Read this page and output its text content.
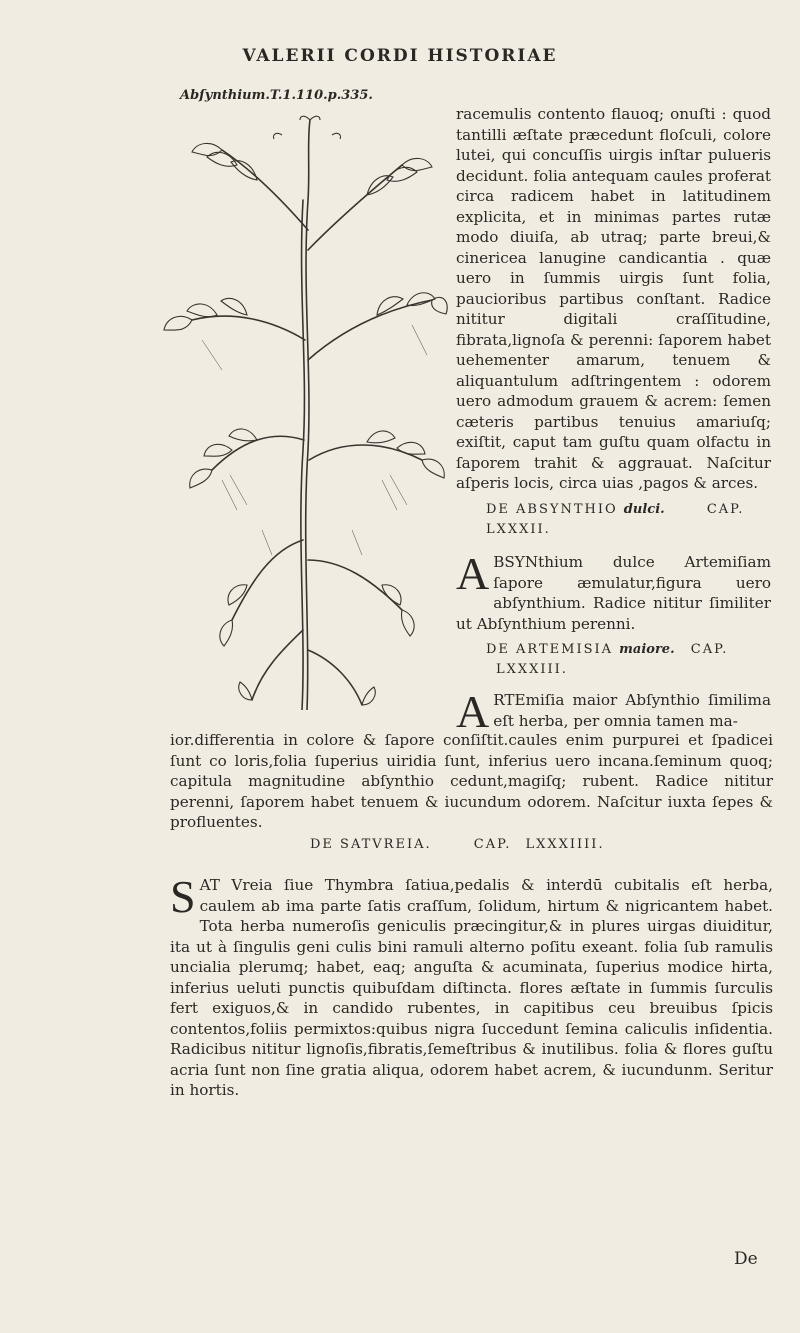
VALERII CORDI HISTORIAE
Abſynthium.T.1.110.p.335.

racemulis contento flauoq; onuſti : quod tantilli æſtate præcedunt floſculi, colore lutei, qui concuſſis uirgis inſtar pulueris decidunt. folia antequam caules proferat circa radicem habet in latitudinem explicita, et in minimas partes rutæ modo diuiſa, ab utraq; parte breui,& cinericea lanugine candicantia . quæ uero in ſummis uirgis ſunt folia, paucioribus partibus conſtant. Radice nititur digitali craſſitudine, fibrata,lignoſa & perenni: ſaporem habet uehementer amarum, tenuem & aliquantulum adſtringentem : odorem uero admodum grauem & acrem: ſemen cæteris partibus tenuius amariuſq; exiſtit, caput tam guſtu quam olfactu in ſaporem trahit & aggrauat. Naſcitur aſperis locis, circa uias ,pagos & arces.

DE ABSYNTHIO dulci.	CAP.
LXXXII.

A BSYNthium dulce Artemiſiam ſapore æmulatur,figura uero abſynthium. Radice nititur ſimiliter ut Abſynthium perenni.

DE ARTEMISIA maiore. CAP.
LXXXIII.

A RTEmiſia maior Abſynthio ſimilima eſt herba, per omnia tamen ma-

ior.differentia in colore & ſapore conſiſtit.caules enim purpurei et ſpadicei ſunt co loris,folia ſuperius uiridia ſunt, inferius uero incana.ſeminum quoq; capitula magnitudine abſynthio cedunt,magiſq; rubent. Radice nititur perenni, ſaporem habet tenuem & iucundum odorem. Naſcitur iuxta ſepes & profluentes.

DE SATVREIA.	CAP. LXXXIIII.

S AT Vreia ſiue Thymbra ſatiua,pedalis & interdū cubitalis eſt herba, caulem ab ima parte ſatis craſſum, ſolidum, hirtum & nigricantem habet. Tota herba numeroſis geniculis præcingitur,& in plures uirgas diuiditur, ita ut à ſingulis geni culis bini ramuli alterno poſitu exeant. folia ſub ramulis uncialia plerumq; habet, eaq; anguſta & acuminata, ſuperius modice hirta, inferius ueluti punctis quibuſdam diſtincta. flores æſtate in ſummis ſurculis fert exiguos,& in candido rubentes, in capitibus ceu breuibus ſpicis contentos,foliis permixtos:quibus nigra ſuccedunt ſemina caliculis inſidentia. Radicibus nititur lignoſis,fibratis,ſemeſtribus & inutilibus. folia & flores guſtu acria ſunt non ſine gratia aliqua, odorem habet acrem, & iucundunm. Seritur in hortis.

De
